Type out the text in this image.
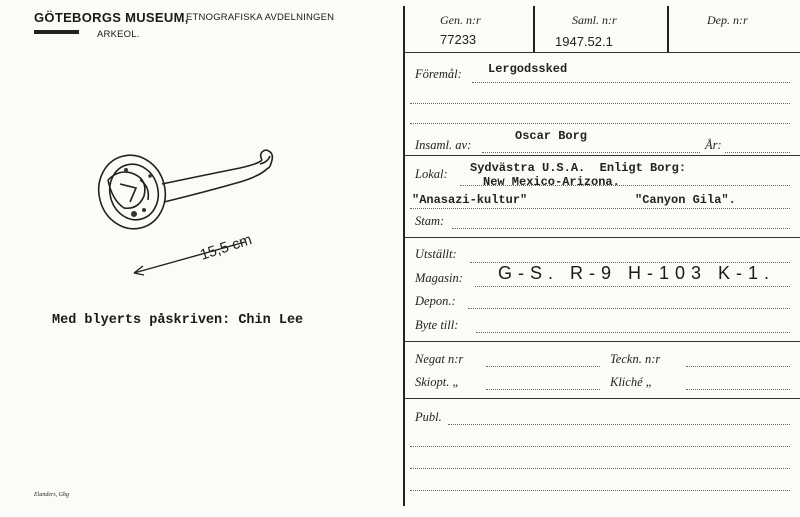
GÖTEBORGS MUSEUM,
ETNOGRAFISKA AVDELNINGEN
ARKEOL.
15,5 cm
Med blyerts påskriven: Chin Lee
Elanders, Gbg
Gen. n:r
77233
Saml. n:r
1947.52.1
Dep. n:r
Föremål: Lergodssked
Oscar Borg
Insaml. av:	År:
Lokal: Sydvästra U.S.A.  Enligt Borg:
New Mexico-Arizona.
"Anasazi-kultur"	"Canyon Gila".
Stam:
Utställt:
Magasin: G-S. R-9 H-103 K-1.
Depon.:
Byte till:
Negat n:r	Teckn. n:r
Skiopt. „	Kliché „
Publ.
